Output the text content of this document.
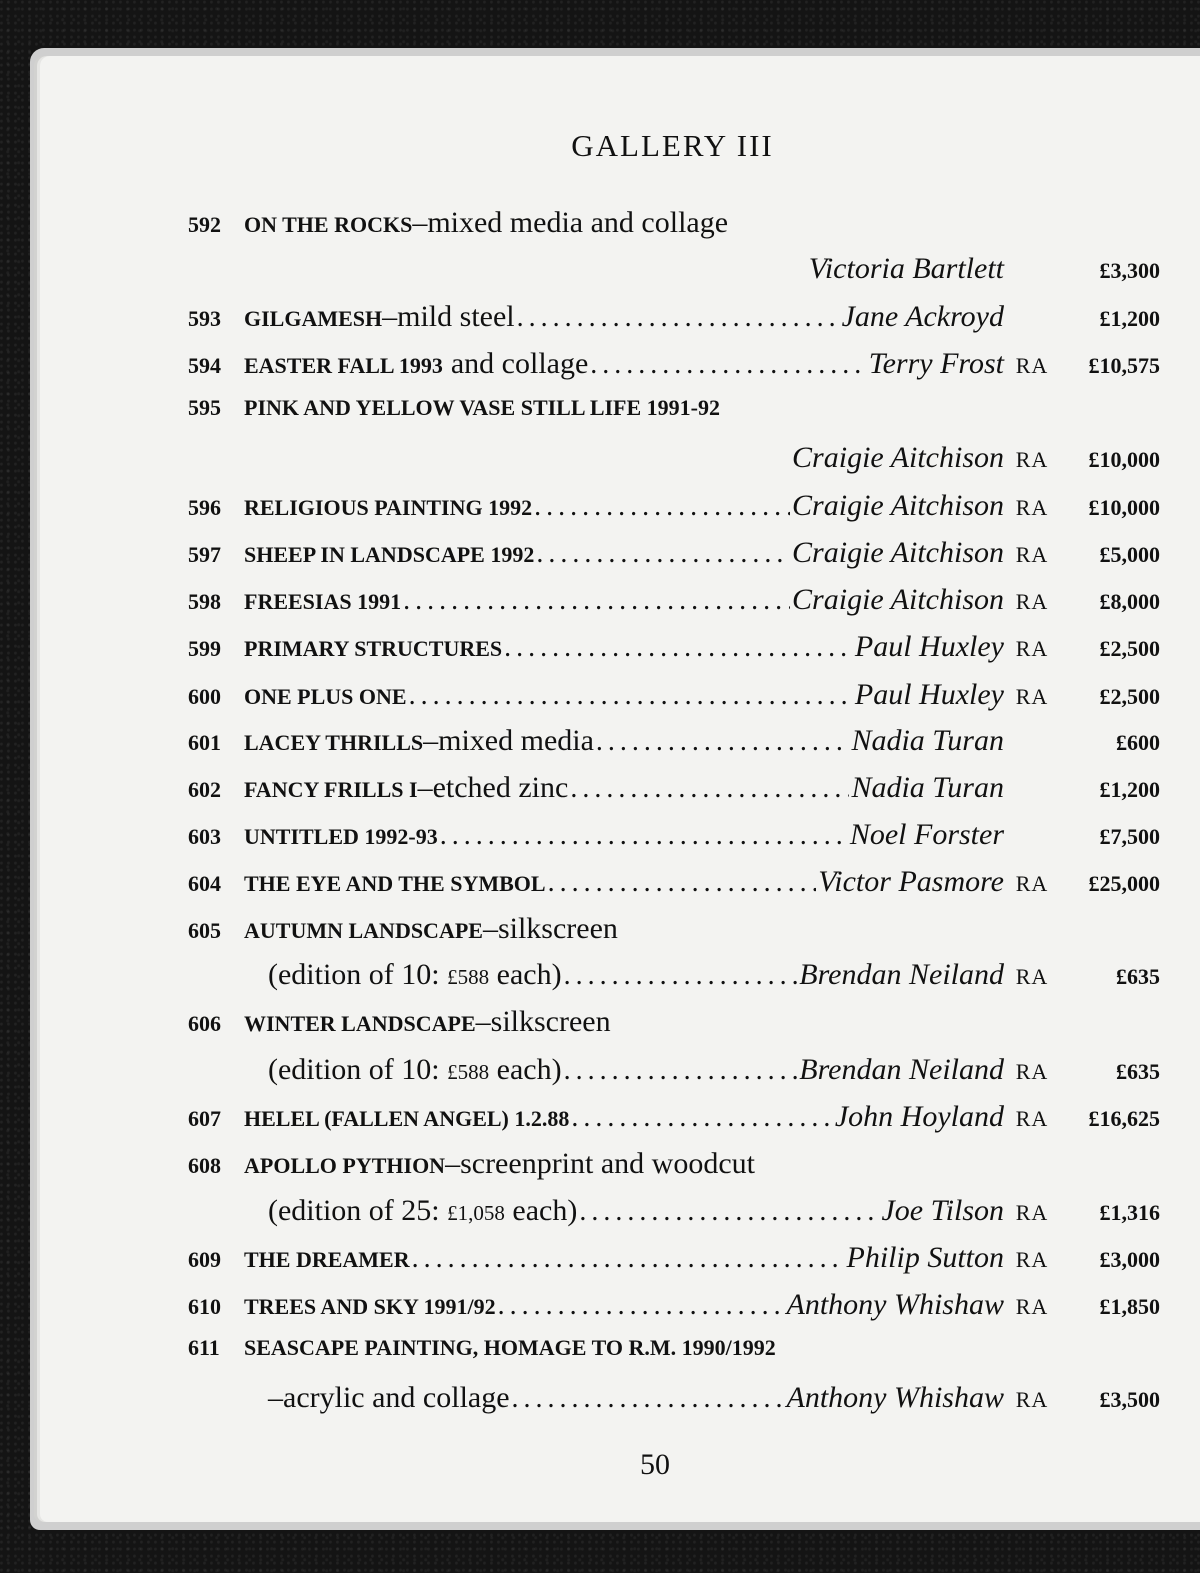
GALLERY III
592	ON THE ROCKS – mixed media and collage
Victoria Bartlett	£3,300
593	GILGAMESH – mild steel . . .	Jane Ackroyd	£1,200
594	EASTER FALL 1993 and collage . . .	Terry Frost RA	£10,575
595	PINK AND YELLOW VASE STILL LIFE 1991-92
Craigie Aitchison RA	£10,000
596	RELIGIOUS PAINTING 1992 . . .	Craigie Aitchison RA	£10,000
597	SHEEP IN LANDSCAPE 1992 . . .	Craigie Aitchison RA	£5,000
598	FREESIAS 1991 . . .	Craigie Aitchison RA	£8,000
599	PRIMARY STRUCTURES . . .	Paul Huxley RA	£2,500
600	ONE PLUS ONE . . .	Paul Huxley RA	£2,500
601	LACEY THRILLS – mixed media . . .	Nadia Turan	£600
602	FANCY FRILLS I – etched zinc . . .	Nadia Turan	£1,200
603	UNTITLED 1992-93 . . .	Noel Forster	£7,500
604	THE EYE AND THE SYMBOL . . .	Victor Pasmore RA	£25,000
605	AUTUMN LANDSCAPE – silkscreen
(edition of 10: £588 each) . . .	Brendan Neiland RA	£635
606	WINTER LANDSCAPE – silkscreen
(edition of 10: £588 each) . . .	Brendan Neiland RA	£635
607	HELEL (FALLEN ANGEL) 1.2.88 . . .	John Hoyland RA	£16,625
608	APOLLO PYTHION – screenprint and woodcut
(edition of 25: £1,058 each) . . .	Joe Tilson RA	£1,316
609	THE DREAMER . . .	Philip Sutton RA	£3,000
610	TREES AND SKY 1991/92 . . .	Anthony Whishaw RA	£1,850
611	SEASCAPE PAINTING, HOMAGE TO R.M. 1990/1992
–acrylic and collage . . .	Anthony Whishaw RA	£3,500
50
